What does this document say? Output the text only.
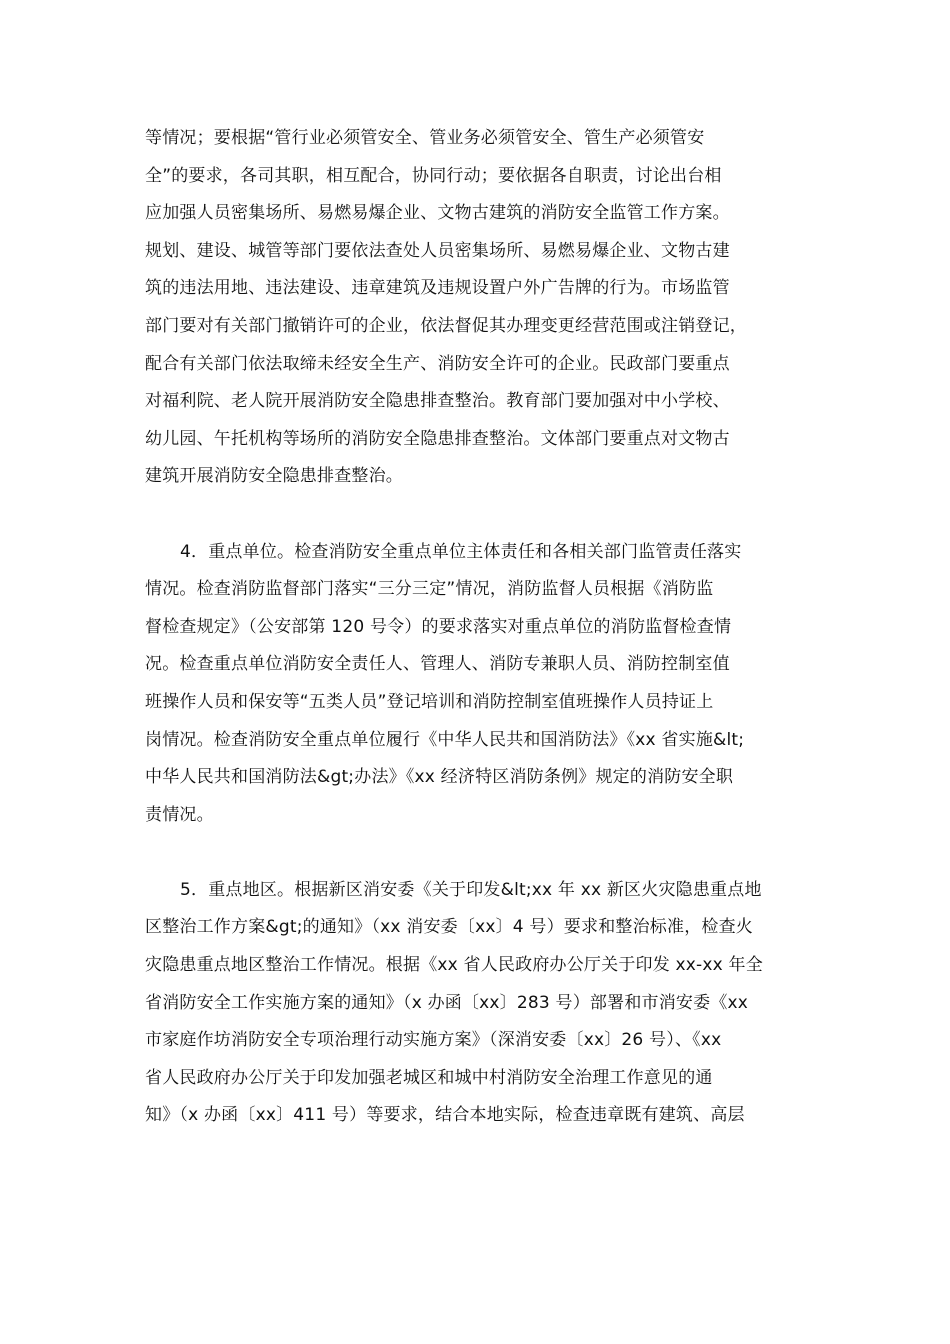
等情况；要根据“管行业必须管安全、管业务必须管安全、管生产必须管安
全”的要求，各司其职，相互配合，协同行动；要依据各自职责，讨论出台相
应加强人员密集场所、易燃易爆企业、文物古建筑的消防安全监管工作方案。
规划、建设、城管等部门要依法查处人员密集场所、易燃易爆企业、文物古建
筑的违法用地、违法建设、违章建筑及违规设置户外广告牌的行为。市场监管
部门要对有关部门撤销许可的企业，依法督促其办理变更经营范围或注销登记，
配合有关部门依法取缔未经安全生产、消防安全许可的企业。民政部门要重点
对福利院、老人院开展消防安全隐患排查整治。教育部门要加强对中小学校、
幼儿园、午托机构等场所的消防安全隐患排查整治。文体部门要重点对文物古
建筑开展消防安全隐患排查整治。
4．重点单位。检查消防安全重点单位主体责任和各相关部门监管责任落实
情况。检查消防监督部门落实“三分三定”情况，消防监督人员根据《消防监
督检查规定》（公安部第 120 号令）的要求落实对重点单位的消防监督检查情
况。检查重点单位消防安全责任人、管理人、消防专兼职人员、消防控制室值
班操作人员和保安等“五类人员”登记培训和消防控制室值班操作人员持证上
岗情况。检查消防安全重点单位履行《中华人民共和国消防法》《xx 省实施&lt;
中华人民共和国消防法&gt;办法》《xx 经济特区消防条例》规定的消防安全职
责情况。
5．重点地区。根据新区消安委《关于印发&lt;xx 年 xx 新区火灾隐患重点地
区整治工作方案&gt;的通知》（xx 消安委〔xx〕4 号）要求和整治标准，检查火
灾隐患重点地区整治工作情况。根据《xx 省人民政府办公厅关于印发 xx-xx 年全
省消防安全工作实施方案的通知》（x 办函〔xx〕283 号）部署和市消安委《xx
市家庭作坊消防安全专项治理行动实施方案》（深消安委〔xx〕26 号）、《xx
省人民政府办公厅关于印发加强老城区和城中村消防安全治理工作意见的通
知》（x 办函〔xx〕411 号）等要求，结合本地实际，检查违章既有建筑、高层
